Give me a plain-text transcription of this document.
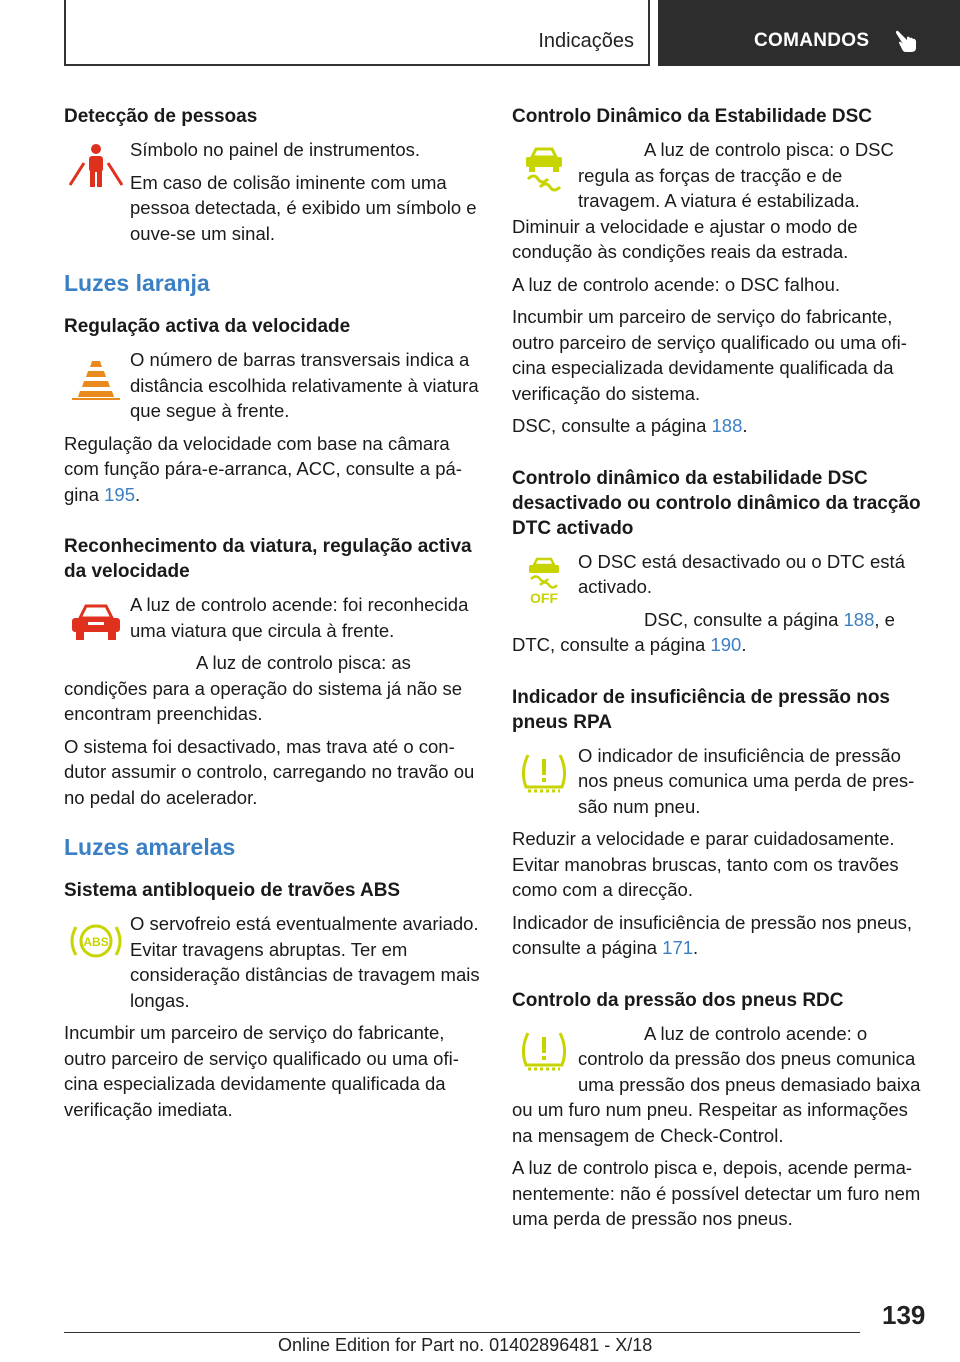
Indicações	COMANDOS
Detecção de pessoas

Símbolo no painel de instrumentos.

Em caso de colisão iminente com uma pessoa detectada, é exibido um símbolo e ouve-se um sinal.

Luzes laranja
Regulação activa da velocidade

O número de barras transversais indica a distância escolhida relativamente à viatura que segue à frente.

Regulação da velocidade com base na câmara com função pára-e-arranca, ACC, consulte a página 195.

Reconhecimento da viatura, regulação activa da velocidade

A luz de controlo acende: foi reconhecida uma viatura que circula à frente.

A luz de controlo pisca: as condições para a operação do sistema já não se encontram preenchidas.

O sistema foi desactivado, mas trava até o condutor assumir o controlo, carregando no travão ou no pedal do acelerador.

Luzes amarelas
Sistema antibloqueio de travões ABS
ABS

O servofreio está eventualmente avariado. Evitar travagens abruptas. Ter em consideração distâncias de travagem mais longas.

Incumbir um parceiro de serviço do fabricante, outro parceiro de serviço qualificado ou uma oficina especializada devidamente qualificada da verificação imediata.

Controlo Dinâmico da Estabilidade DSC

A luz de controlo pisca: o DSC regula as forças de tracção e de travagem. A viatura é estabilizada. Diminuir a velocidade e ajustar o modo de condução às condições reais da estrada.

A luz de controlo acende: o DSC falhou.

Incumbir um parceiro de serviço do fabricante, outro parceiro de serviço qualificado ou uma oficina especializada devidamente qualificada da verificação do sistema.

DSC, consulte a página 188.

Controlo dinâmico da estabilidade DSC desactivado ou controlo dinâmico da tracção DTC activado
OFF

O DSC está desactivado ou o DTC está activado.

DSC, consulte a página 188, e DTC, consulte a página 190.

Indicador de insuficiência de pressão nos pneus RPA

O indicador de insuficiência de pressão nos pneus comunica uma perda de pressão num pneu.

Reduzir a velocidade e parar cuidadosamente. Evitar manobras bruscas, tanto com os travões como com a direcção.

Indicador de insuficiência de pressão nos pneus, consulte a página 171.

Controlo da pressão dos pneus RDC

A luz de controlo acende: o controlo da pressão dos pneus comunica uma pressão dos pneus demasiado baixa ou um furo num pneu. Respeitar as informações na mensagem de Check-Control.

A luz de controlo pisca e, depois, acende permanentemente: não é possível detectar um furo nem uma perda de pressão nos pneus.

139
Online Edition for Part no. 01402896481 - X/18
